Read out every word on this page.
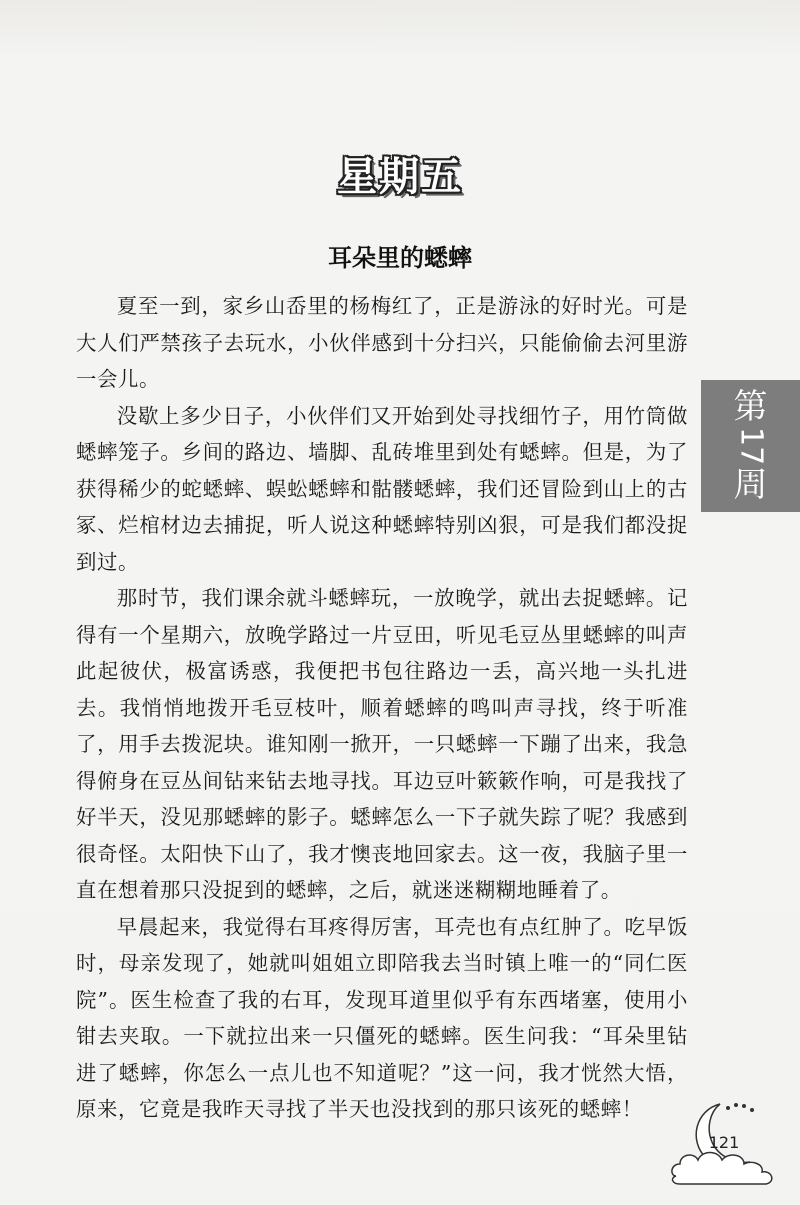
星期五
耳朵里的蟋蟀

夏至一到，家乡山岙里的杨梅红了，正是游泳的好时光。可是大人们严禁孩子去玩水，小伙伴感到十分扫兴，只能偷偷去河里游一会儿。

没歇上多少日子，小伙伴们又开始到处寻找细竹子，用竹筒做蟋蟀笼子。乡间的路边、墙脚、乱砖堆里到处有蟋蟀。但是，为了获得稀少的蛇蟋蟀、蜈蚣蟋蟀和骷髅蟋蟀，我们还冒险到山上的古冢、烂棺材边去捕捉，听人说这种蟋蟀特别凶狠，可是我们都没捉到过。

那时节，我们课余就斗蟋蟀玩，一放晚学，就出去捉蟋蟀。记得有一个星期六，放晚学路过一片豆田，听见毛豆丛里蟋蟀的叫声此起彼伏，极富诱惑，我便把书包往路边一丢，高兴地一头扎进去。我悄悄地拨开毛豆枝叶，顺着蟋蟀的鸣叫声寻找，终于听准了，用手去拨泥块。谁知刚一掀开，一只蟋蟀一下蹦了出来，我急得俯身在豆丛间钻来钻去地寻找。耳边豆叶簌簌作响，可是我找了好半天，没见那蟋蟀的影子。蟋蟀怎么一下子就失踪了呢？我感到很奇怪。太阳快下山了，我才懊丧地回家去。这一夜，我脑子里一直在想着那只没捉到的蟋蟀，之后，就迷迷糊糊地睡着了。

早晨起来，我觉得右耳疼得厉害，耳壳也有点红肿了。吃早饭时，母亲发现了，她就叫姐姐立即陪我去当时镇上唯一的“同仁医院”。医生检查了我的右耳，发现耳道里似乎有东西堵塞，使用小钳去夹取。一下就拉出来一只僵死的蟋蟀。医生问我：“耳朵里钻进了蟋蟀，你怎么一点儿也不知道呢？”这一问，我才恍然大悟，原来，它竟是我昨天寻找了半天也没找到的那只该死的蟋蟀！

第
17
周
121
